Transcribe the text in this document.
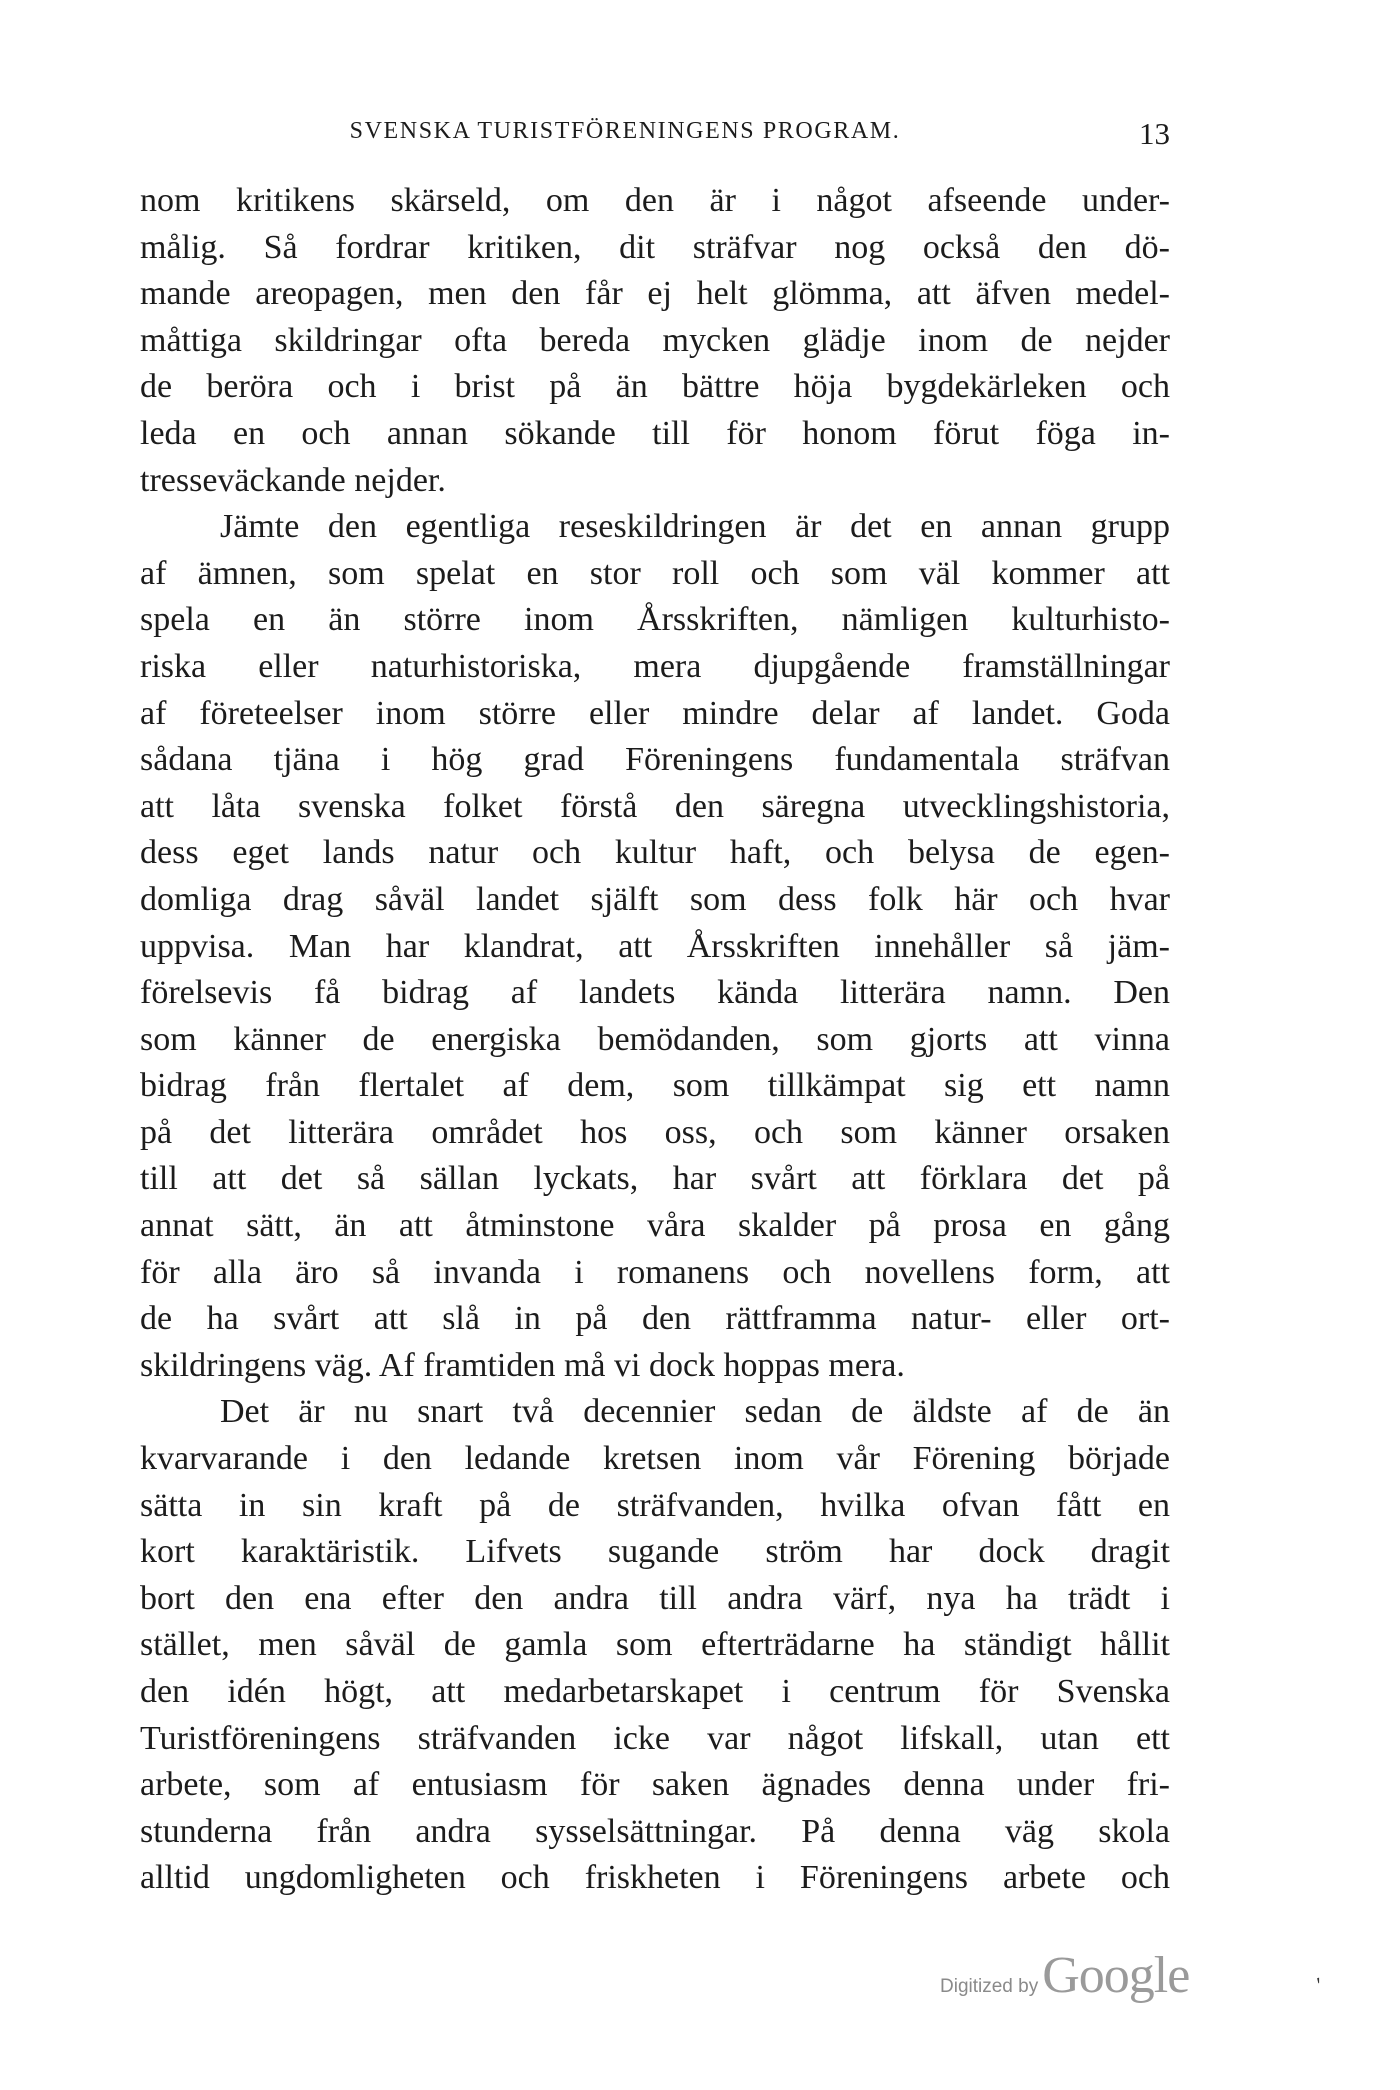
SVENSKA TURISTFÖRENINGENS PROGRAM.	13
nom kritikens skärseld, om den är i något afseende under-
målig. Så fordrar kritiken, dit sträfvar nog också den dö-
mande areopagen, men den får ej helt glömma, att äfven medel-
måttiga skildringar ofta bereda mycken glädje inom de nejder
de beröra och i brist på än bättre höja bygdekärleken och
leda en och annan sökande till för honom förut föga in-
tresseväckande nejder.
Jämte den egentliga reseskildringen är det en annan grupp
af ämnen, som spelat en stor roll och som väl kommer att
spela en än större inom Årsskriften, nämligen kulturhisto-
riska eller naturhistoriska, mera djupgående framställningar
af företeelser inom större eller mindre delar af landet. Goda
sådana tjäna i hög grad Föreningens fundamentala sträfvan
att låta svenska folket förstå den säregna utvecklingshistoria,
dess eget lands natur och kultur haft, och belysa de egen-
domliga drag såväl landet själft som dess folk här och hvar
uppvisa. Man har klandrat, att Årsskriften innehåller så jäm-
förelsevis få bidrag af landets kända litterära namn. Den
som känner de energiska bemödanden, som gjorts att vinna
bidrag från flertalet af dem, som tillkämpat sig ett namn
på det litterära området hos oss, och som känner orsaken
till att det så sällan lyckats, har svårt att förklara det på
annat sätt, än att åtminstone våra skalder på prosa en gång
för alla äro så invanda i romanens och novellens form, att
de ha svårt att slå in på den rättframma natur- eller ort-
skildringens väg. Af framtiden må vi dock hoppas mera.
Det är nu snart två decennier sedan de äldste af de än
kvarvarande i den ledande kretsen inom vår Förening började
sätta in sin kraft på de sträfvanden, hvilka ofvan fått en
kort karaktäristik. Lifvets sugande ström har dock dragit
bort den ena efter den andra till andra värf, nya ha trädt i
stället, men såväl de gamla som efterträdarne ha ständigt hållit
den idén högt, att medarbetarskapet i centrum för Svenska
Turistföreningens sträfvanden icke var något lifskall, utan ett
arbete, som af entusiasm för saken ägnades denna under fri-
stunderna från andra sysselsättningar. På denna väg skola
alltid ungdomligheten och friskheten i Föreningens arbete och
Digitized by Google	ʹ
